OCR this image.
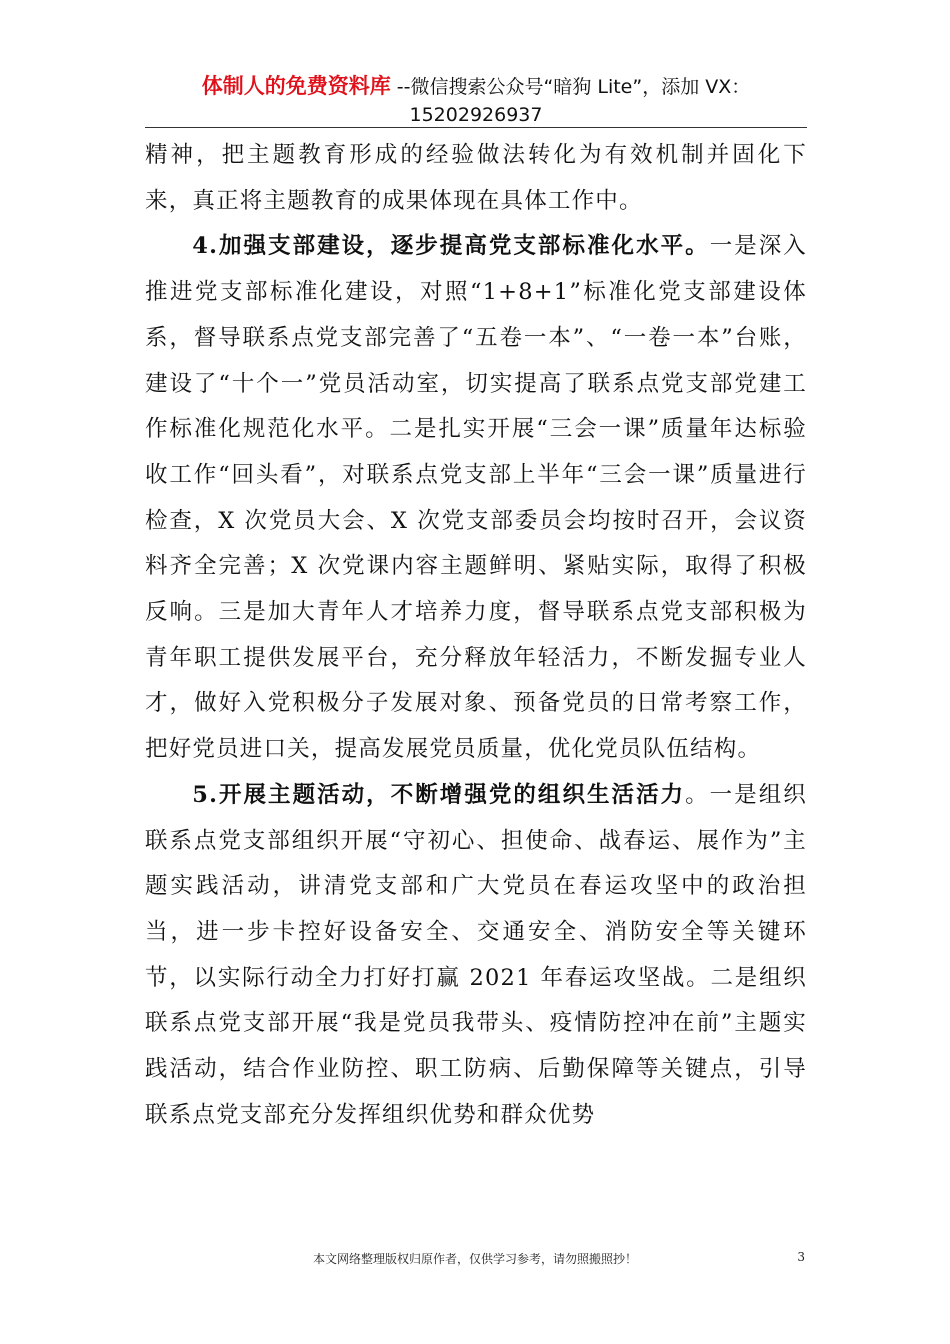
体制人的免费资料库 --微信搜索公众号“暗狗 Lite”，添加 VX：
15202926937

精神，把主题教育形成的经验做法转化为有效机制并固化下来，真正将主题教育的成果体现在具体工作中。

4.加强支部建设，逐步提高党支部标准化水平。一是深入推进党支部标准化建设，对照“1+8+1”标准化党支部建设体系，督导联系点党支部完善了“五卷一本”、“一卷一本”台账，建设了“十个一”党员活动室，切实提高了联系点党支部党建工作标准化规范化水平。二是扎实开展“三会一课”质量年达标验收工作“回头看”，对联系点党支部上半年“三会一课”质量进行检查，X 次党员大会、X 次党支部委员会均按时召开，会议资料齐全完善；X 次党课内容主题鲜明、紧贴实际，取得了积极反响。三是加大青年人才培养力度，督导联系点党支部积极为青年职工提供发展平台，充分释放年轻活力，不断发掘专业人才，做好入党积极分子发展对象、预备党员的日常考察工作，把好党员进口关，提高发展党员质量，优化党员队伍结构。

5.开展主题活动，不断增强党的组织生活活力。一是组织联系点党支部组织开展“守初心、担使命、战春运、展作为”主题实践活动，讲清党支部和广大党员在春运攻坚中的政治担当，进一步卡控好设备安全、交通安全、消防安全等关键环节，以实际行动全力打好打赢 2021 年春运攻坚战。二是组织联系点党支部开展“我是党员我带头、疫情防控冲在前”主题实践活动，结合作业防控、职工防病、后勤保障等关键点，引导联系点党支部充分发挥组织优势和群众优势

本文网络整理版权归原作者，仅供学习参考，请勿照搬照抄！	3
